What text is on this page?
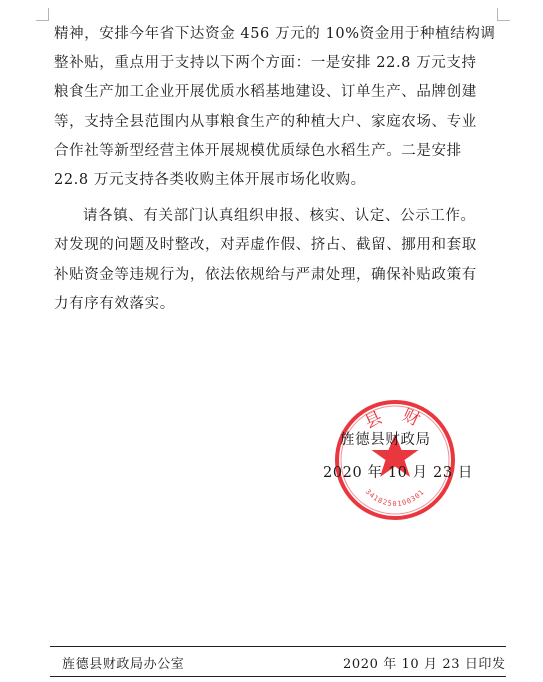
精神，安排今年省下达资金 456 万元的 10%资金用于种植结构调
整补贴，重点用于支持以下两个方面：一是安排 22.8 万元支持
粮食生产加工企业开展优质水稻基地建设、订单生产、品牌创建
等，支持全县范围内从事粮食生产的种植大户、家庭农场、专业
合作社等新型经营主体开展规模优质绿色水稻生产。二是安排
22.8 万元支持各类收购主体开展市场化收购。
请各镇、有关部门认真组织申报、核实、认定、公示工作。
对发现的问题及时整改，对弄虚作假、挤占、截留、挪用和套取
补贴资金等违规行为，依法依规给与严肃处理，确保补贴政策有
力有序有效落实。
县 财
3418250100301
旌德县财政局
2020 年 10 月 23 日
旌德县财政局办公室	2020 年 10 月 23 日印发
